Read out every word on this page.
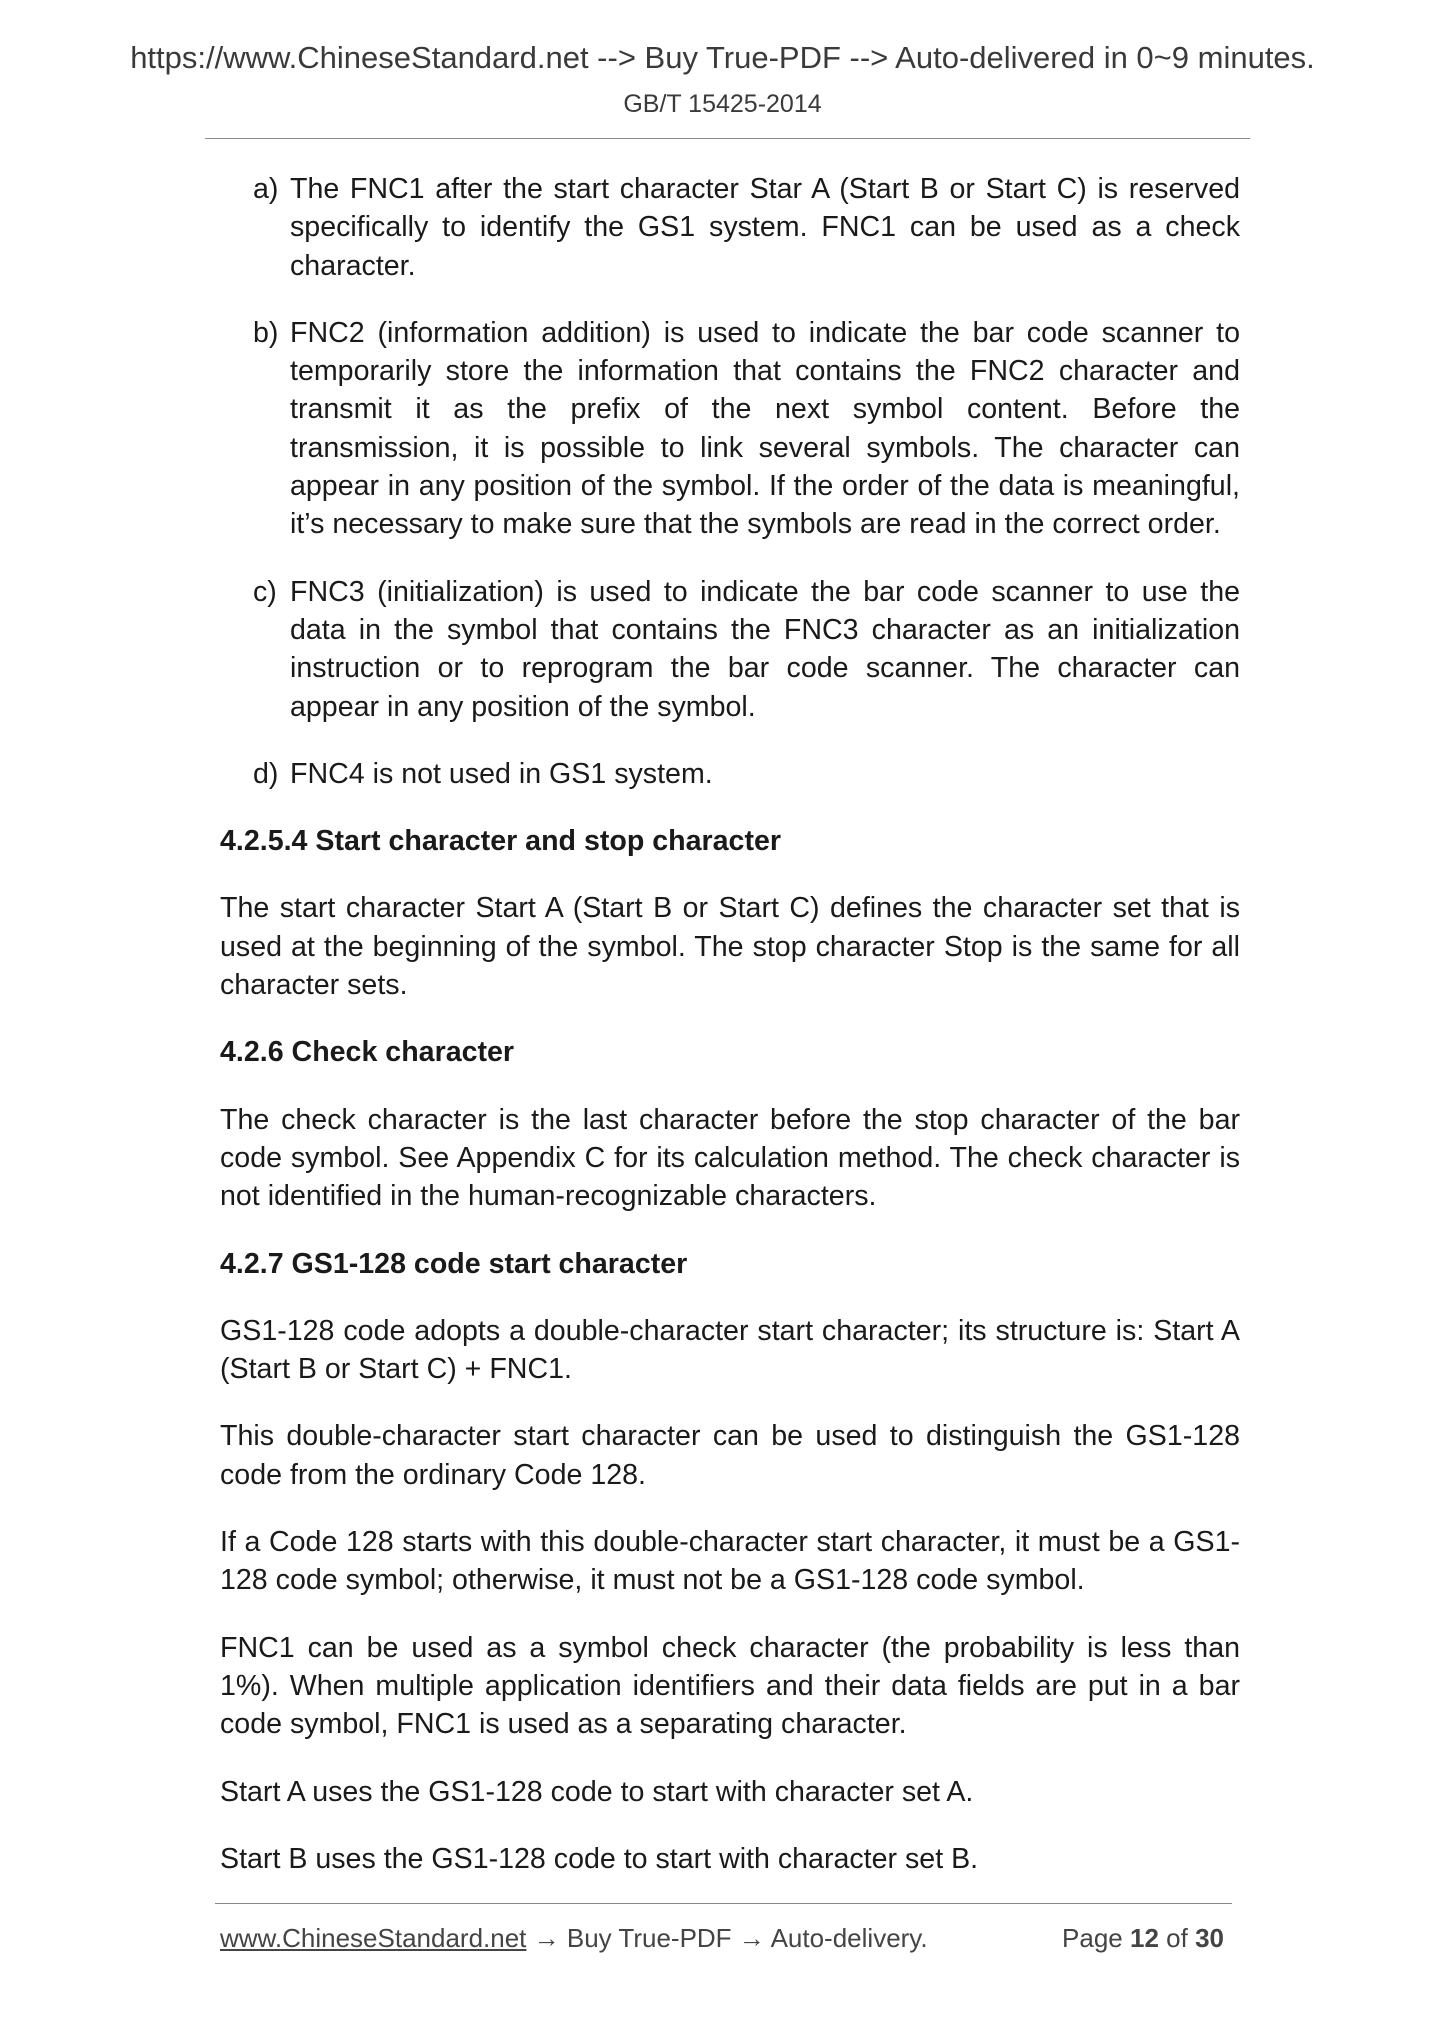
https://www.ChineseStandard.net --> Buy True-PDF --> Auto-delivered in 0~9 minutes.
GB/T 15425-2014
a) The FNC1 after the start character Star A (Start B or Start C) is reserved specifically to identify the GS1 system. FNC1 can be used as a check character.
b) FNC2 (information addition) is used to indicate the bar code scanner to temporarily store the information that contains the FNC2 character and transmit it as the prefix of the next symbol content. Before the transmission, it is possible to link several symbols. The character can appear in any position of the symbol. If the order of the data is meaningful, it’s necessary to make sure that the symbols are read in the correct order.
c) FNC3 (initialization) is used to indicate the bar code scanner to use the data in the symbol that contains the FNC3 character as an initialization instruction or to reprogram the bar code scanner. The character can appear in any position of the symbol.
d) FNC4 is not used in GS1 system.
4.2.5.4 Start character and stop character
The start character Start A (Start B or Start C) defines the character set that is used at the beginning of the symbol. The stop character Stop is the same for all character sets.
4.2.6 Check character
The check character is the last character before the stop character of the bar code symbol. See Appendix C for its calculation method. The check character is not identified in the human-recognizable characters.
4.2.7 GS1-128 code start character
GS1-128 code adopts a double-character start character; its structure is: Start A (Start B or Start C) + FNC1.
This double-character start character can be used to distinguish the GS1-128 code from the ordinary Code 128.
If a Code 128 starts with this double-character start character, it must be a GS1-128 code symbol; otherwise, it must not be a GS1-128 code symbol.
FNC1 can be used as a symbol check character (the probability is less than 1%). When multiple application identifiers and their data fields are put in a bar code symbol, FNC1 is used as a separating character.
Start A uses the GS1-128 code to start with character set A.
Start B uses the GS1-128 code to start with character set B.
www.ChineseStandard.net → Buy True-PDF → Auto-delivery.	Page 12 of 30
